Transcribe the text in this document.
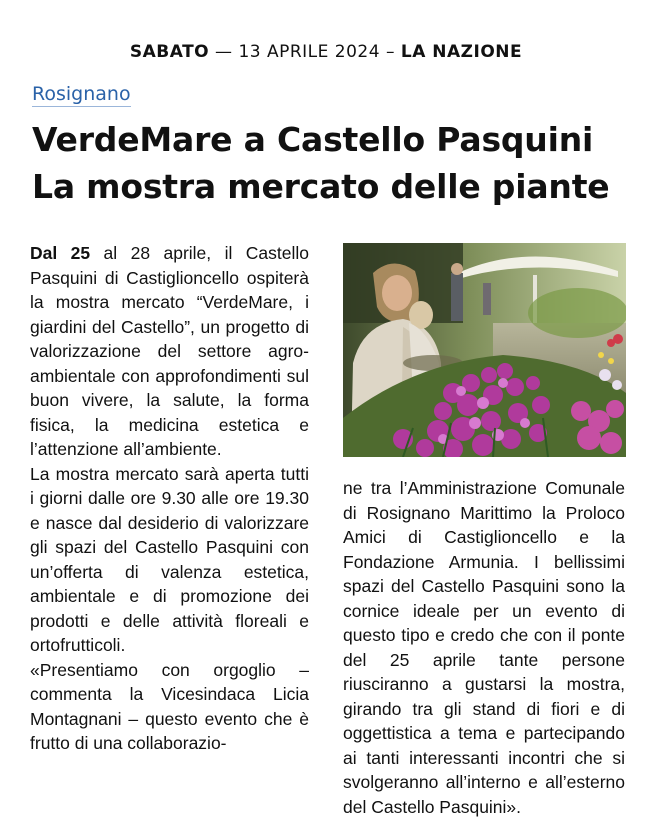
SABATO — 13 APRILE 2024 – LA NAZIONE
Rosignano
VerdeMare a Castello Pasquini
La mostra mercato delle piante

Dal 25 al 28 aprile, il Castello Pasquini di Castiglioncello ospiterà la mostra mercato “VerdeMare, i giardini del Castello”, un progetto di valorizzazione del settore agro-ambientale con approfondimenti sul buon vivere, la salute, la forma fisica, la medicina estetica e l’attenzione all’ambiente.

La mostra mercato sarà aperta tutti i giorni dalle ore 9.30 alle ore 19.30 e nasce dal desiderio di valorizzare gli spazi del Castello Pasquini con un’offerta di valenza estetica, ambientale e di promozione dei prodotti e delle attività floreali e ortofrutticoli.

«Presentiamo con orgoglio – commenta la Vicesindaca Licia Montagnani – questo evento che è frutto di una collaborazio-

ne tra l’Amministrazione Comunale di Rosignano Marittimo la Proloco Amici di Castiglioncello e la Fondazione Armunia. I bellissimi spazi del Castello Pasquini sono la cornice ideale per un evento di questo tipo e credo che con il ponte del 25 aprile tante persone riusciranno a gustarsi la mostra, girando tra gli stand di fiori e di oggettistica a tema e partecipando ai tanti interessanti incontri che si svolgeranno all’interno e all’esterno del Castello Pasquini».
